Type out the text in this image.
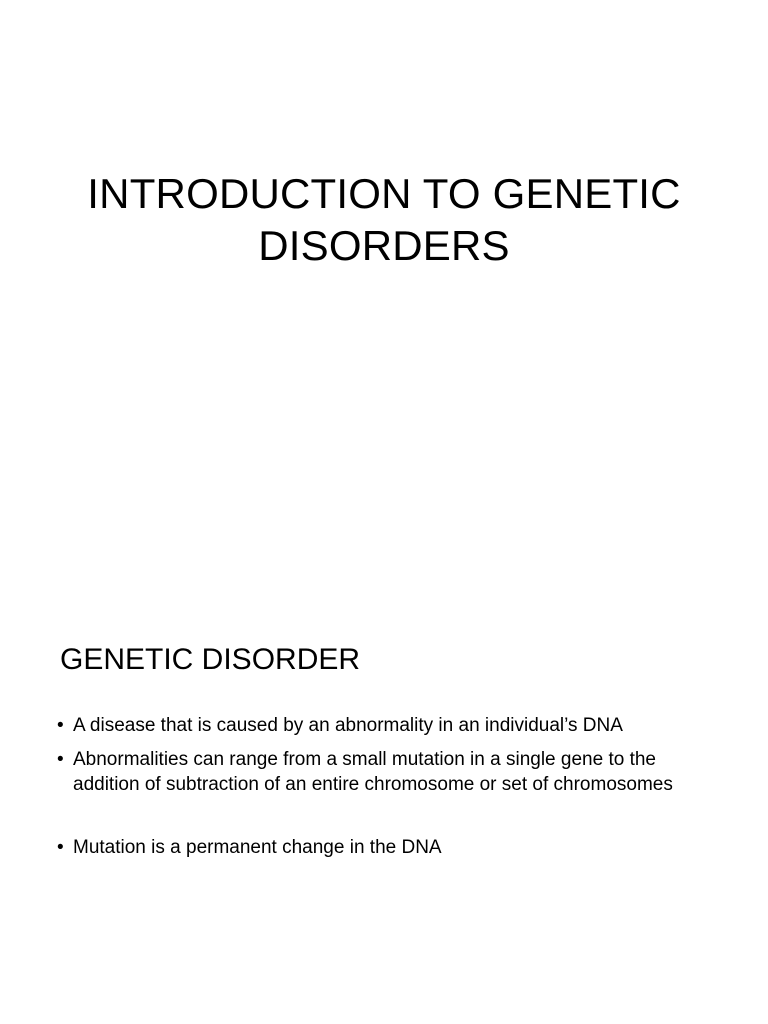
INTRODUCTION TO GENETIC
DISORDERS
GENETIC DISORDER
• A disease that is caused by an abnormality in an individual’s DNA
• Abnormalities can range from a small mutation in a single gene to the addition of subtraction of an entire chromosome or set of chromosomes
• Mutation is a permanent change in the DNA
